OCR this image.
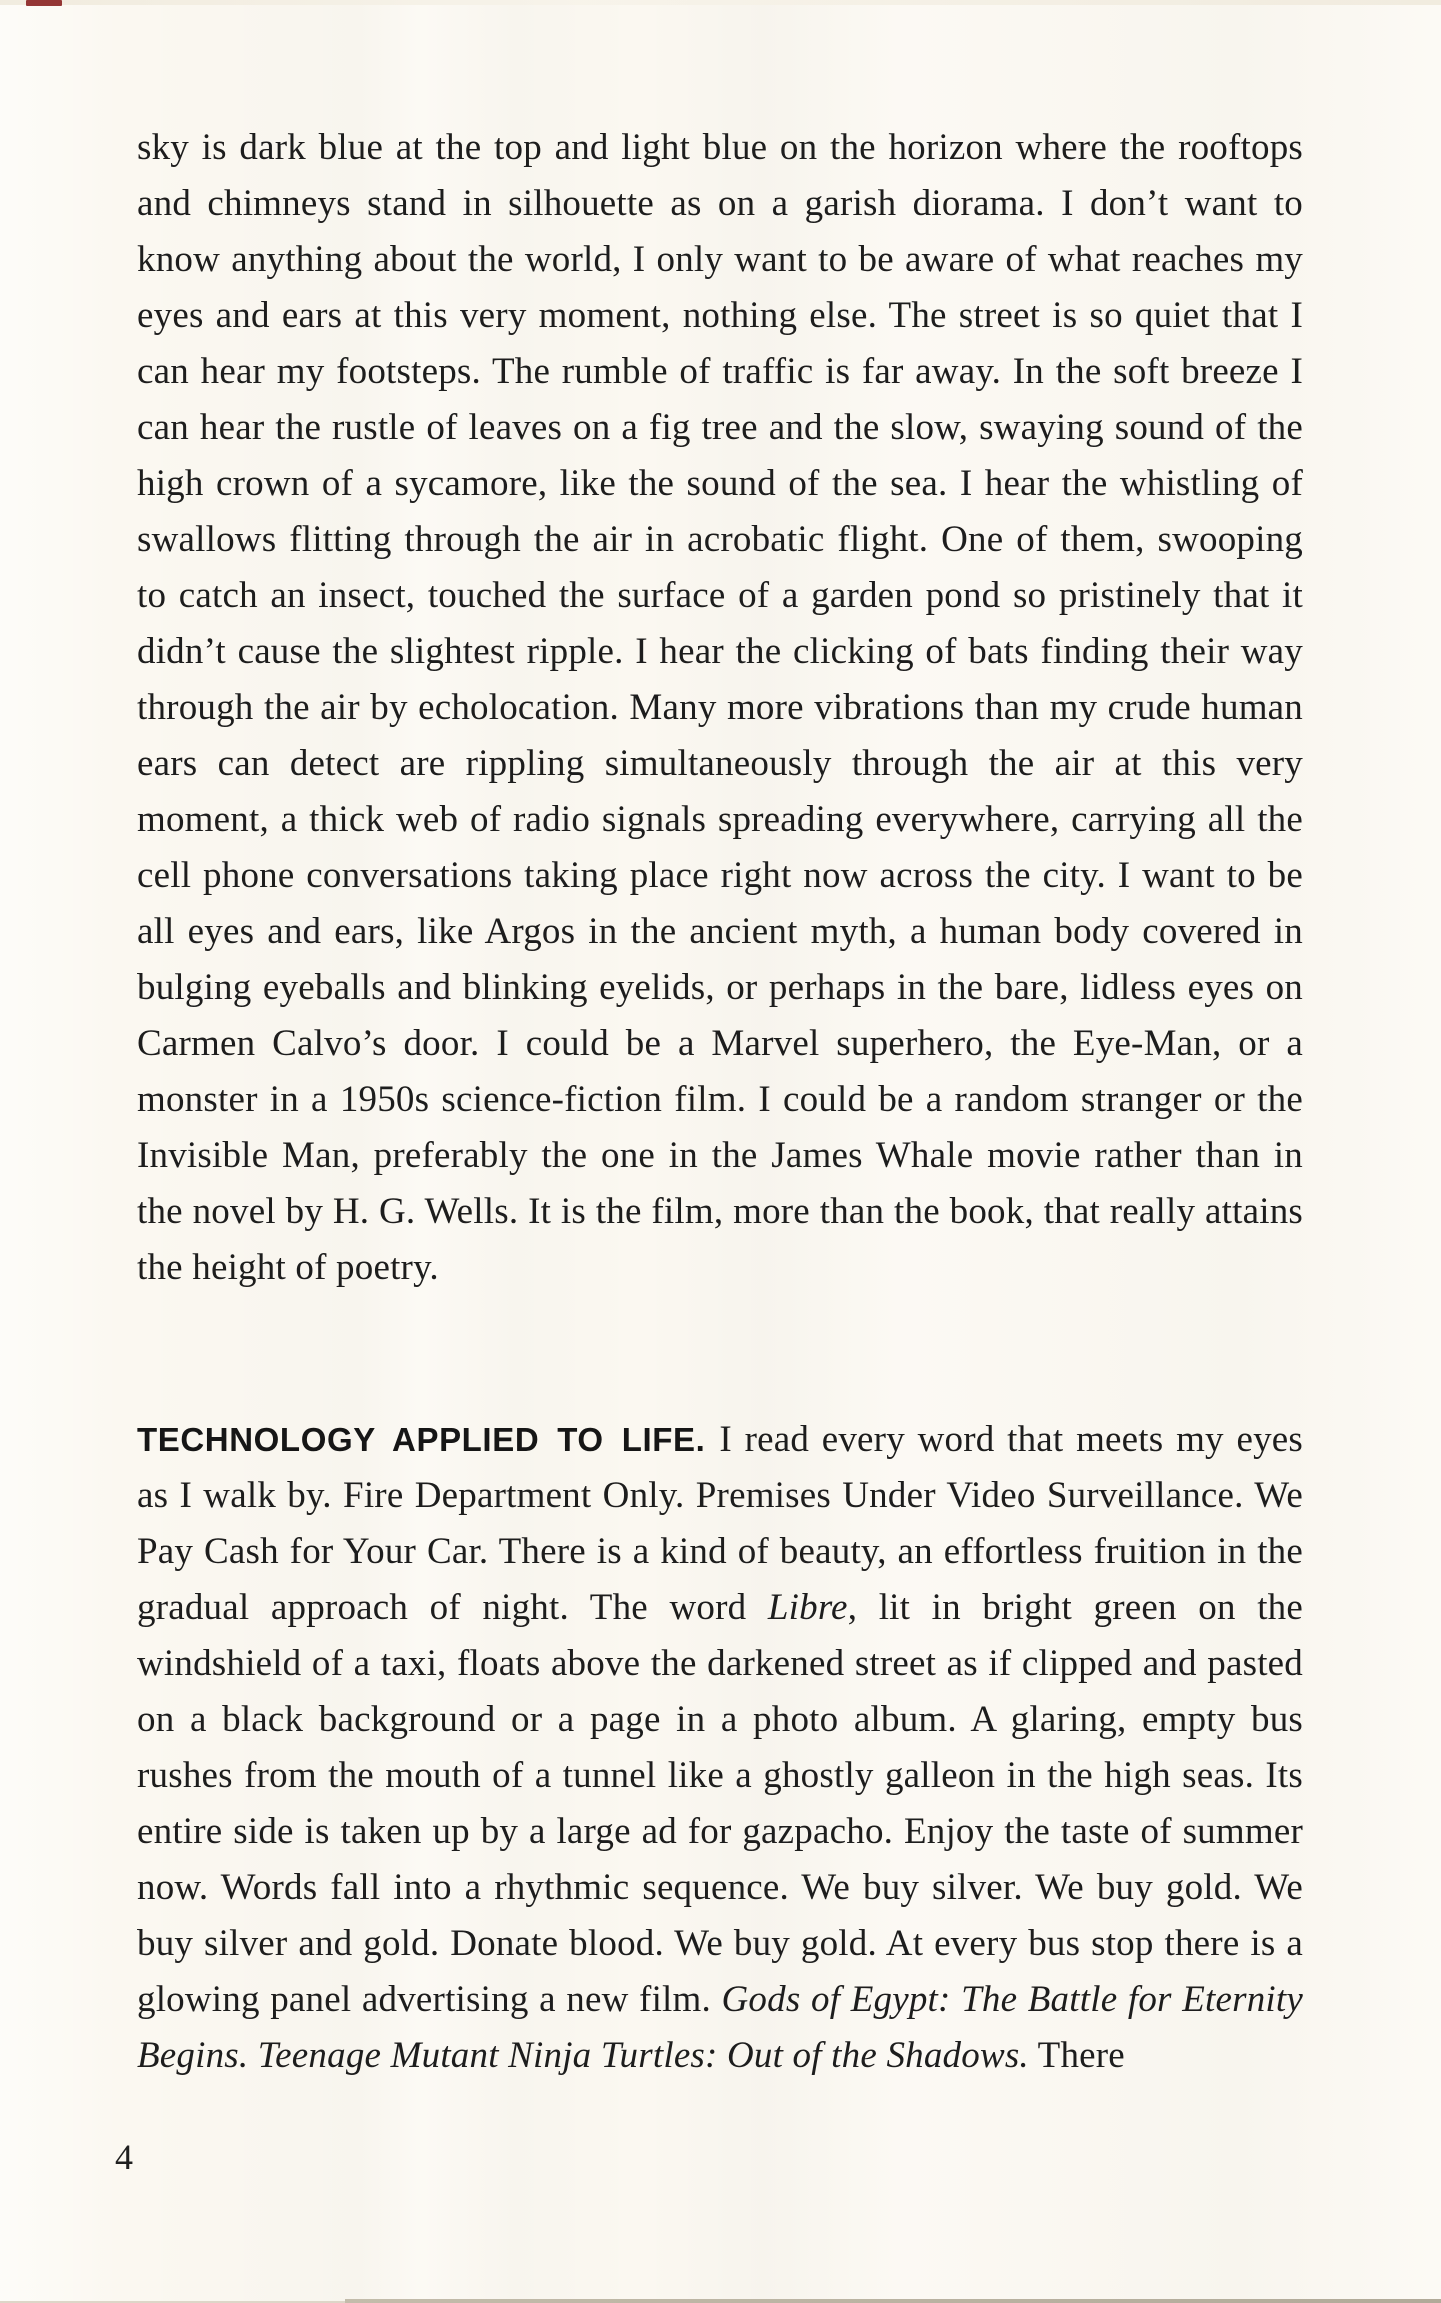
sky is dark blue at the top and light blue on the horizon where the rooftops and chimneys stand in silhouette as on a garish diorama. I don’t want to know anything about the world, I only want to be aware of what reaches my eyes and ears at this very moment, nothing else. The street is so quiet that I can hear my footsteps. The rumble of traffic is far away. In the soft breeze I can hear the rustle of leaves on a fig tree and the slow, swaying sound of the high crown of a sycamore, like the sound of the sea. I hear the whistling of swallows flitting through the air in acrobatic flight. One of them, swooping to catch an insect, touched the surface of a garden pond so pristinely that it didn’t cause the slightest ripple. I hear the clicking of bats finding their way through the air by echolocation. Many more vibrations than my crude human ears can detect are rippling simultaneously through the air at this very moment, a thick web of radio signals spreading everywhere, carrying all the cell phone conversations taking place right now across the city. I want to be all eyes and ears, like Argos in the ancient myth, a human body covered in bulging eyeballs and blinking eyelids, or perhaps in the bare, lidless eyes on Carmen Calvo’s door. I could be a Marvel superhero, the Eye-Man, or a monster in a 1950s science-fiction film. I could be a random stranger or the Invisible Man, preferably the one in the James Whale movie rather than in the novel by H. G. Wells. It is the film, more than the book, that really attains the height of poetry.

TECHNOLOGY APPLIED TO LIFE. I read every word that meets my eyes as I walk by. Fire Department Only. Premises Under Video Surveillance. We Pay Cash for Your Car. There is a kind of beauty, an effortless fruition in the gradual approach of night. The word Libre, lit in bright green on the windshield of a taxi, floats above the darkened street as if clipped and pasted on a black background or a page in a photo album. A glaring, empty bus rushes from the mouth of a tunnel like a ghostly galleon in the high seas. Its entire side is taken up by a large ad for gazpacho. Enjoy the taste of summer now. Words fall into a rhythmic sequence. We buy silver. We buy gold. We buy silver and gold. Donate blood. We buy gold. At every bus stop there is a glowing panel advertising a new film. Gods of Egypt: The Battle for Eternity Begins. Teenage Mutant Ninja Turtles: Out of the Shadows. There

4
